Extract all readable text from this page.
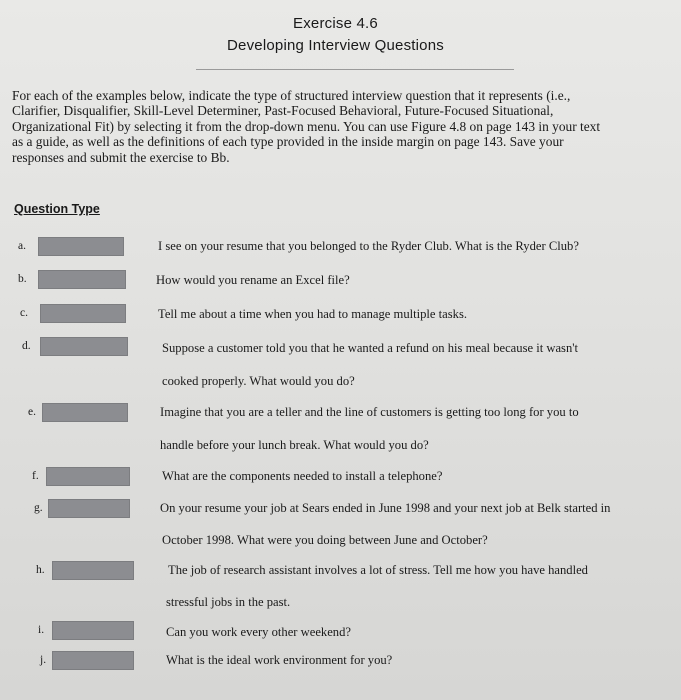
Exercise 4.6
Developing Interview Questions
For each of the examples below, indicate the type of structured interview question that it represents (i.e.,
Clarifier, Disqualifier, Skill-Level Determiner, Past-Focused Behavioral, Future-Focused Situational,
Organizational Fit) by selecting it from the drop-down menu. You can use Figure 4.8 on page 143 in your text
as a guide, as well as the definitions of each type provided in the inside margin on page 143. Save your
responses and submit the exercise to Bb.
Question Type
a.	I see on your resume that you belonged to the Ryder Club. What is the Ryder Club?
b.	How would you rename an Excel file?
c.	Tell me about a time when you had to manage multiple tasks.
d.	Suppose a customer told you that he wanted a refund on his meal because it wasn't
cooked properly. What would you do?
e.	Imagine that you are a teller and the line of customers is getting too long for you to
handle before your lunch break. What would you do?
f.	What are the components needed to install a telephone?
g.	On your resume your job at Sears ended in June 1998 and your next job at Belk started in
October 1998. What were you doing between June and October?
h.	The job of research assistant involves a lot of stress. Tell me how you have handled
stressful jobs in the past.
i.	Can you work every other weekend?
j.	What is the ideal work environment for you?
